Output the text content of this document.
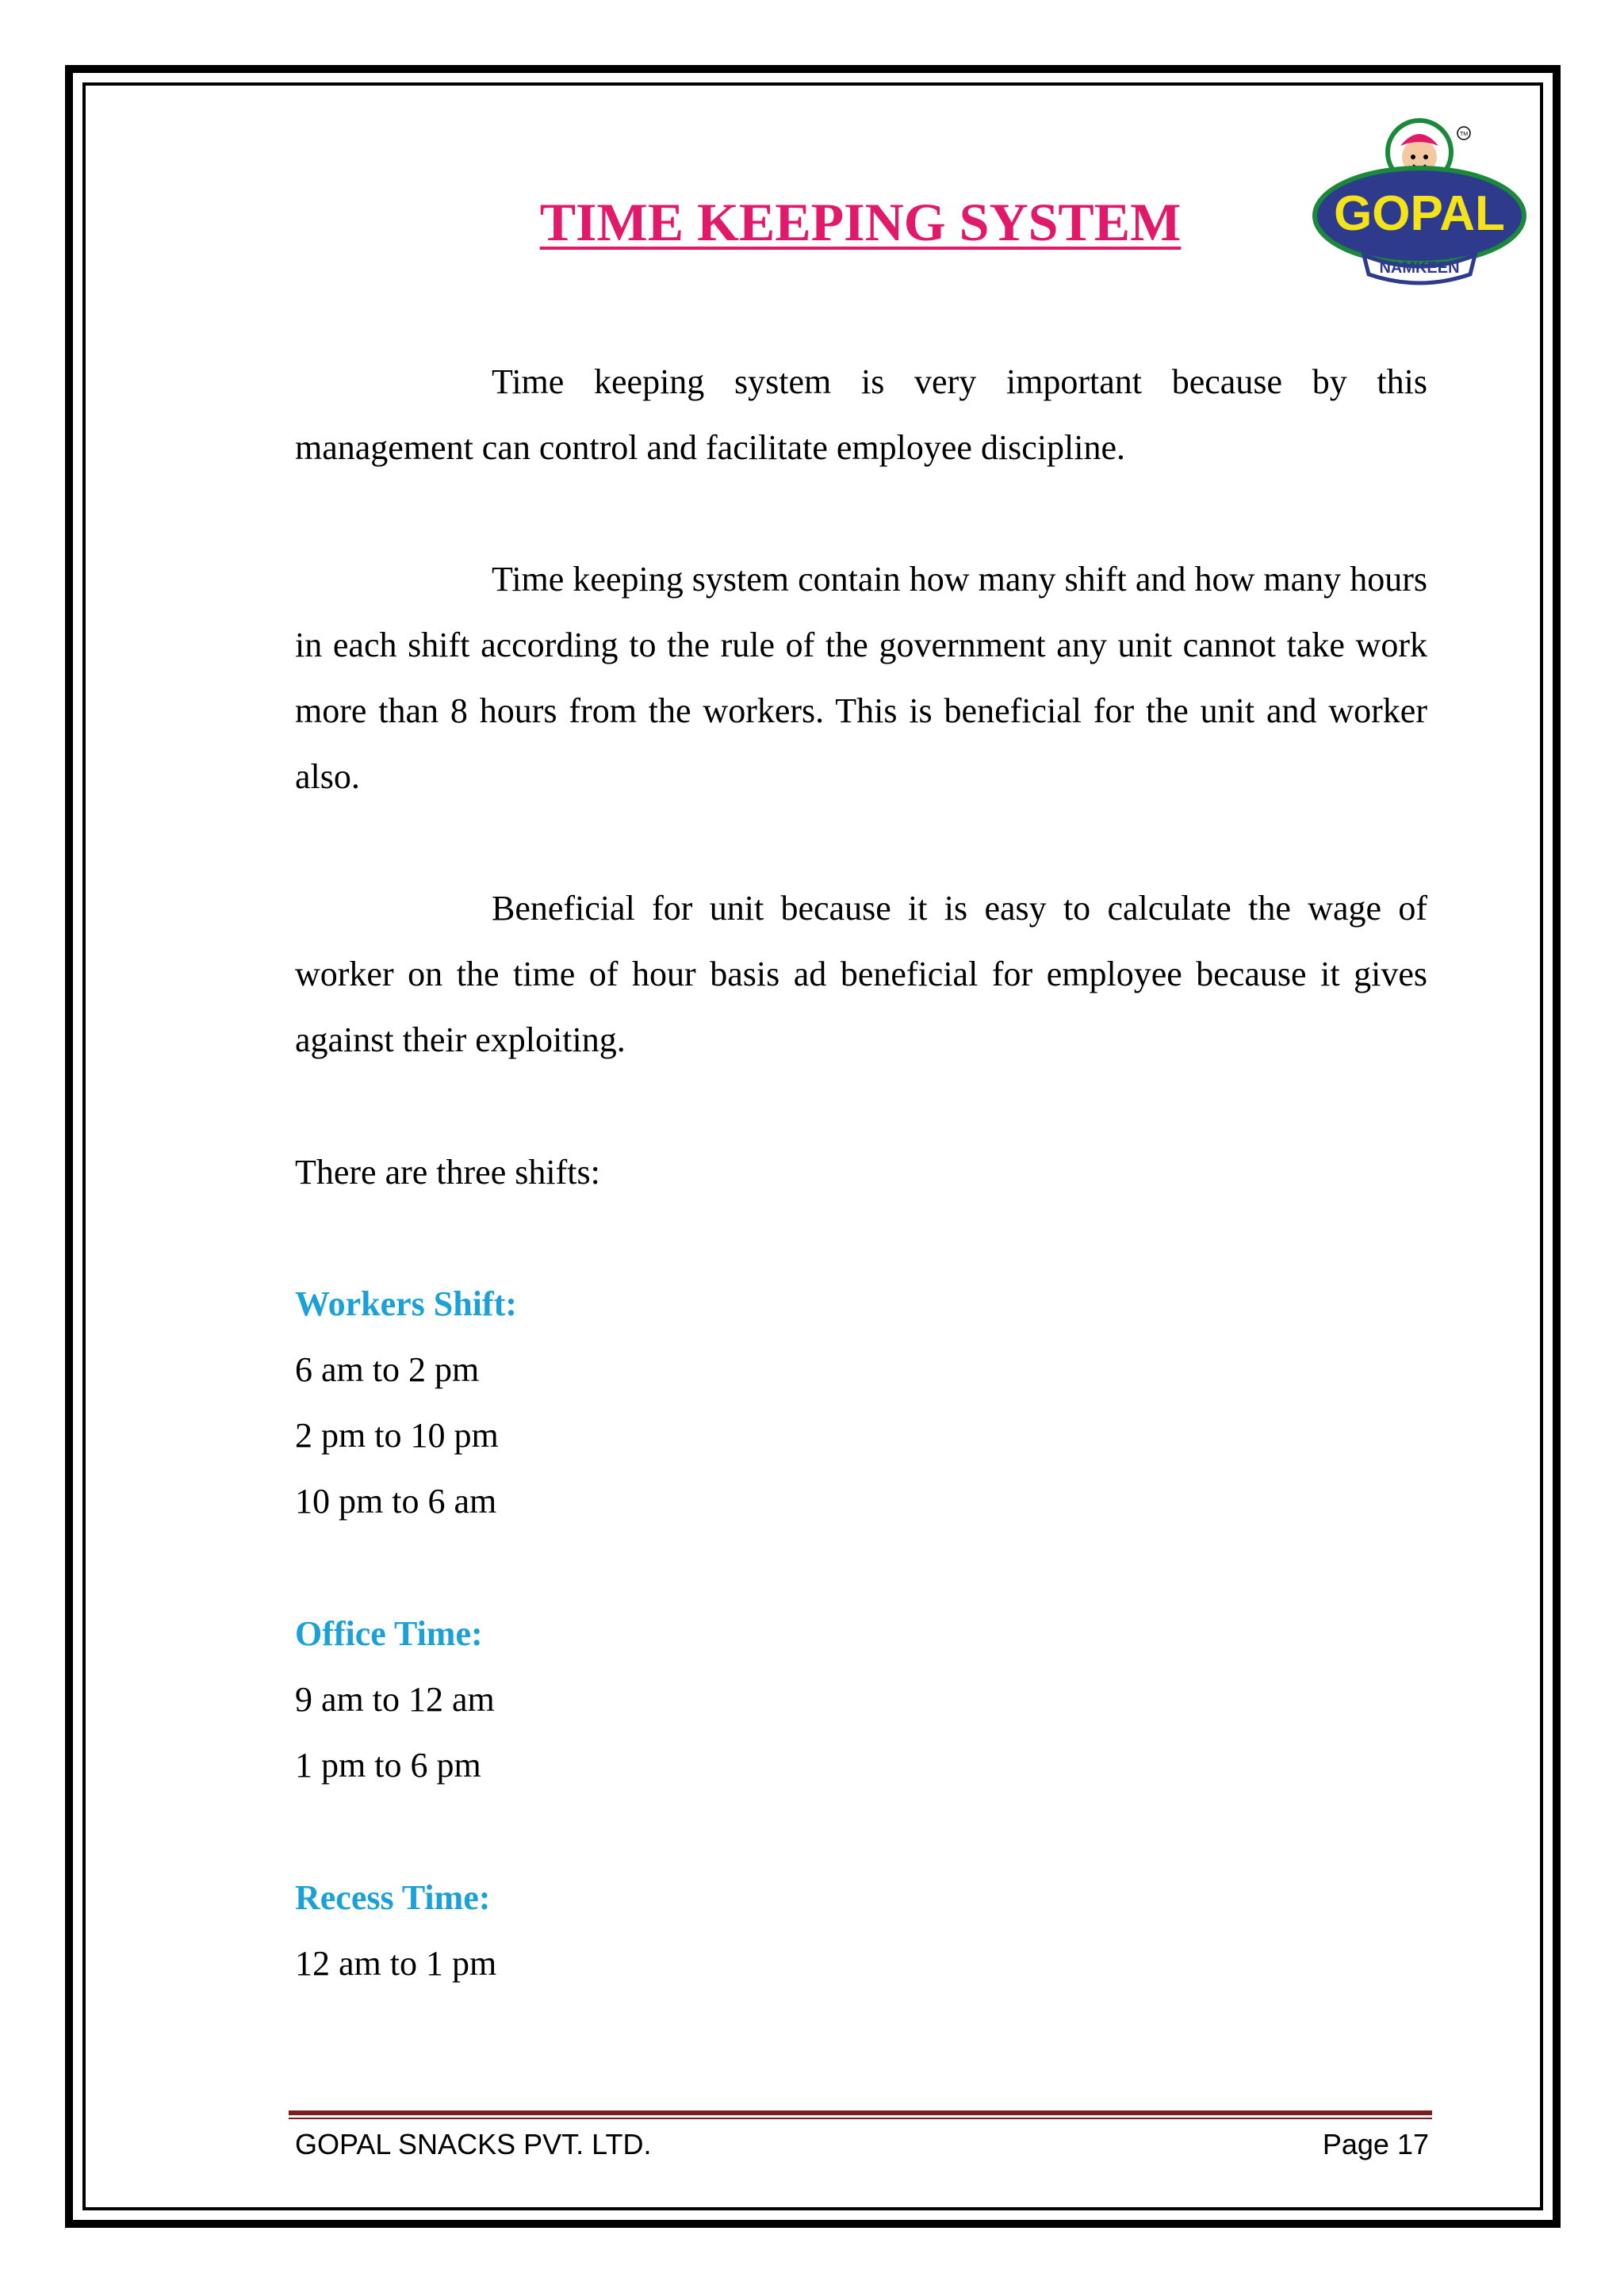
TIME KEEPING SYSTEM
TM
GOPAL
NAMKEEN

Time keeping system is very important because by this management can control and facilitate employee discipline.

Time keeping system contain how many shift and how many hours in each shift according to the rule of the government any unit cannot take work more than 8 hours from the workers. This is beneficial for the unit and worker also.

Beneficial for unit because it is easy to calculate the wage of worker on the time of hour basis ad beneficial for employee because it gives against their exploiting.

There are three shifts:

Workers Shift:
6 am to 2 pm
2 pm to 10 pm
10 pm to 6 am
Office Time:
9 am to 12 am
1 pm to 6 pm
Recess Time:
12 am to 1 pm
GOPAL SNACKS PVT. LTD.	Page 17
